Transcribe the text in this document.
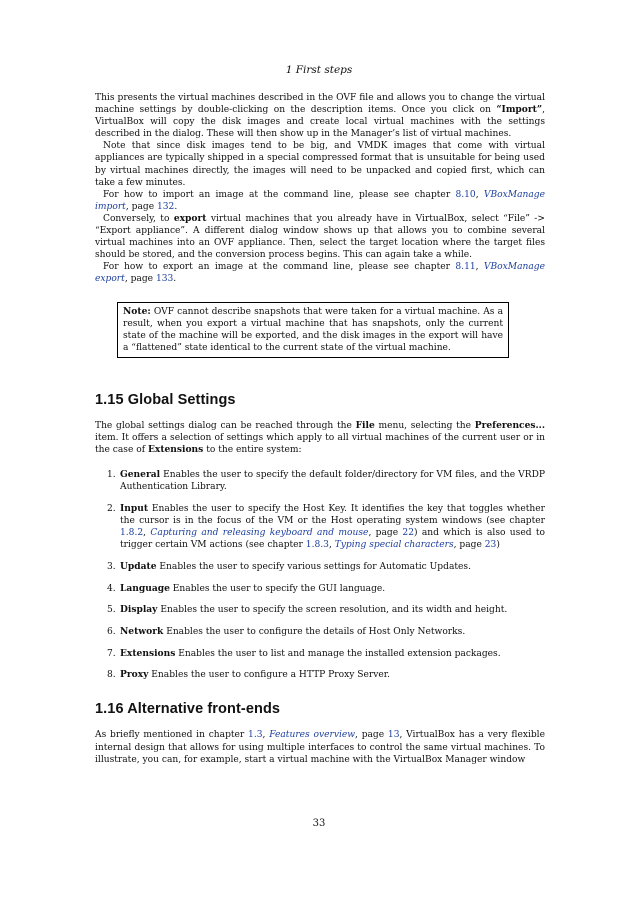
1 First steps

This presents the virtual machines described in the OVF file and allows you to change the virtual machine settings by double-clicking on the description items. Once you click on “Import”, VirtualBox will copy the disk images and create local virtual machines with the settings described in the dialog. These will then show up in the Manager’s list of virtual machines.

Note that since disk images tend to be big, and VMDK images that come with virtual appliances are typically shipped in a special compressed format that is unsuitable for being used by virtual machines directly, the images will need to be unpacked and copied first, which can take a few minutes.

For how to import an image at the command line, please see chapter 8.10, VBoxManage import, page 132.

Conversely, to export virtual machines that you already have in VirtualBox, select “File” -> “Export appliance”. A different dialog window shows up that allows you to combine several virtual machines into an OVF appliance. Then, select the target location where the target files should be stored, and the conversion process begins. This can again take a while.

For how to export an image at the command line, please see chapter 8.11, VBoxManage export, page 133.

Note: OVF cannot describe snapshots that were taken for a virtual machine. As a result, when you export a virtual machine that has snapshots, only the current state of the machine will be exported, and the disk images in the export will have a “flattened” state identical to the current state of the virtual machine.
1.15 Global Settings

The global settings dialog can be reached through the File menu, selecting the Preferences... item. It offers a selection of settings which apply to all virtual machines of the current user or in the case of Extensions to the entire system:

1. General Enables the user to specify the default folder/directory for VM files, and the VRDP Authentication Library.
2. Input Enables the user to specify the Host Key. It identifies the key that toggles whether the cursor is in the focus of the VM or the Host operating system windows (see chapter 1.8.2, Capturing and releasing keyboard and mouse, page 22) and which is also used to trigger certain VM actions (see chapter 1.8.3, Typing special characters, page 23)
3. Update Enables the user to specify various settings for Automatic Updates.
4. Language Enables the user to specify the GUI language.
5. Display Enables the user to specify the screen resolution, and its width and height.
6. Network Enables the user to configure the details of Host Only Networks.
7. Extensions Enables the user to list and manage the installed extension packages.
8. Proxy Enables the user to configure a HTTP Proxy Server.
1.16 Alternative front-ends

As briefly mentioned in chapter 1.3, Features overview, page 13, VirtualBox has a very flexible internal design that allows for using multiple interfaces to control the same virtual machines. To illustrate, you can, for example, start a virtual machine with the VirtualBox Manager window

33
